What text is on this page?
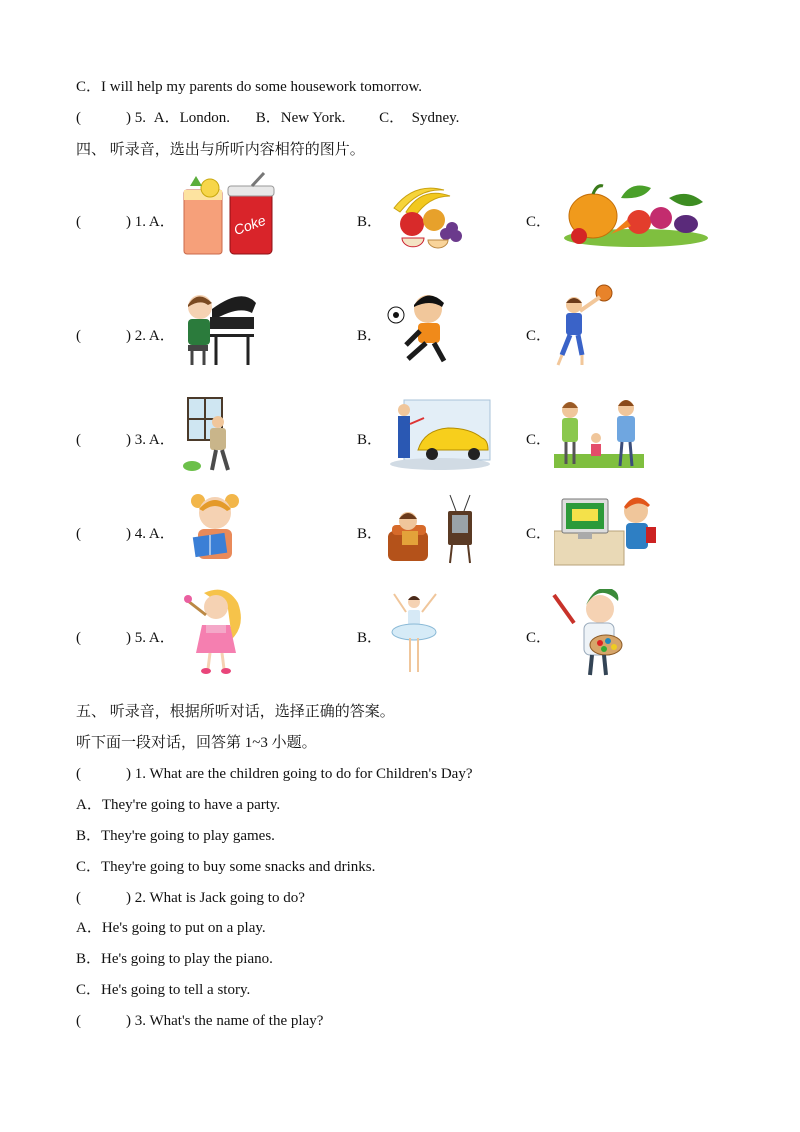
C．I will help my parents do some housework tomorrow.
(　　　) 5. A．London. B．New York. C．　Sydney.
四、 听录音，选出与所听内容相符的图片。
(　　　) 1. A．	B．	C．
Coke
(　　　) 2. A．	B．	C．
(　　　) 3. A．	B．	C．
(　　　) 4. A．	B．	C．
(　　　) 5. A．	B．	C．
五、 听录音，根据所听对话，选择正确的答案。
听下面一段对话，回答第 1~3 小题。
(　　　) 1. What are the children going to do for Children's Day?
A．They're going to have a party.
B．They're going to play games.
C．They're going to buy some snacks and drinks.
(　　　) 2. What is Jack going to do?
A．He's going to put on a play.
B．He's going to play the piano.
C．He's going to tell a story.
(　　　) 3. What's the name of the play?
